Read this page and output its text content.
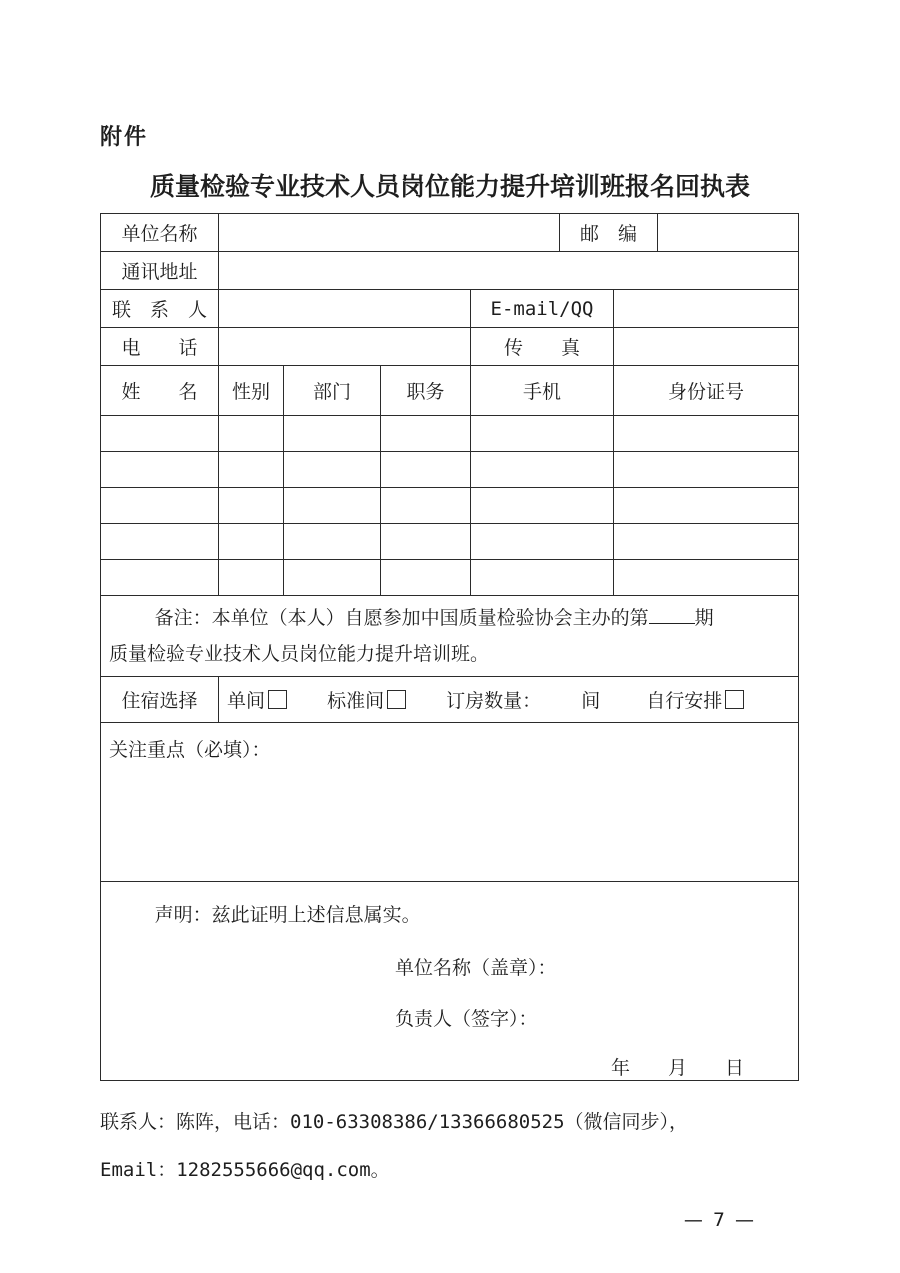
附件
质量检验专业技术人员岗位能力提升培训班报名回执表
单位名称					邮　编		
通讯地址							
联　系　人				E-mail/QQ			
电　　话				传　　真			
姓　　名	性别	部门	职务	手机		身份证号	

备注：本单位（本人）自愿参加中国质量检验协会主办的第 期

质量检验专业技术人员岗位能力提升培训班。							

住宿选择	单间 标准间 订房数量： 间 自行安排						
关注重点（必填）：							

声明：兹此证明上述信息属实。

单位名称（盖章）：

负责人（签字）：

年　　月　　日							

联系人：陈阵，电话：010-63308386/13366680525（微信同步），
Email：1282555666@qq.com。
— 7 —
